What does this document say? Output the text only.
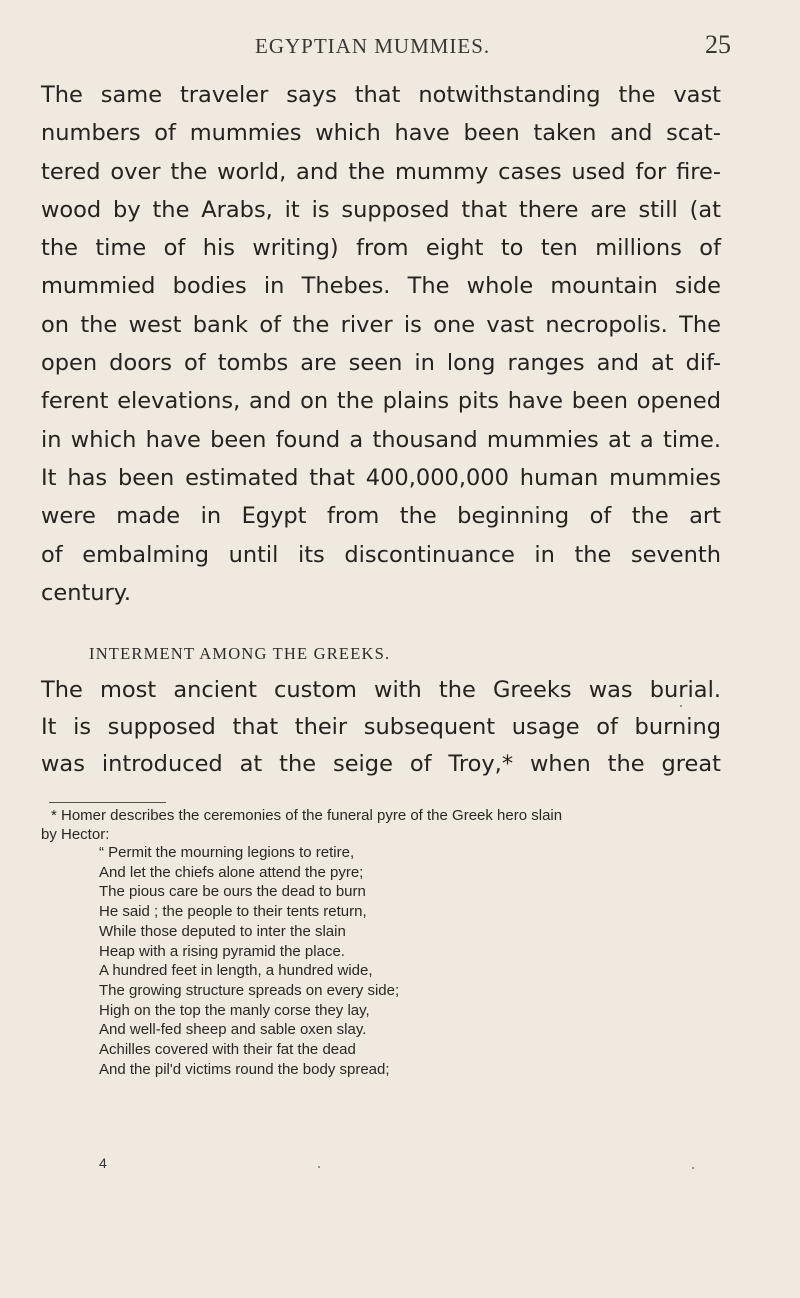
EGYPTIAN MUMMIES.	25
The same traveler says that notwithstanding the vast
numbers of mummies which have been taken and scat-
tered over the world, and the mummy cases used for fire-
wood by the Arabs, it is supposed that there are still (at
the time of his writing) from eight to ten millions of
mummied bodies in Thebes. The whole mountain side
on the west bank of the river is one vast necropolis. The
open doors of tombs are seen in long ranges and at dif-
ferent elevations, and on the plains pits have been opened
in which have been found a thousand mummies at a time.
It has been estimated that 400,000,000 human mummies
were made in Egypt from the beginning of the art
of embalming until its discontinuance in the seventh
century.
INTERMENT AMONG THE GREEKS.
The most ancient custom with the Greeks was burial.
It is supposed that their subsequent usage of burning
was introduced at the seige of Troy,* when the great
* Homer describes the ceremonies of the funeral pyre of the Greek hero slain
by Hector:
“ Permit the mourning legions to retire,
And let the chiefs alone attend the pyre;
The pious care be ours the dead to burn
He said ; the people to their tents return,
While those deputed to inter the slain
Heap with a rising pyramid the place.
A hundred feet in length, a hundred wide,
The growing structure spreads on every side;
High on the top the manly corse they lay,
And well-fed sheep and sable oxen slay.
Achilles covered with their fat the dead
And the pil'd victims round the body spread;
4
